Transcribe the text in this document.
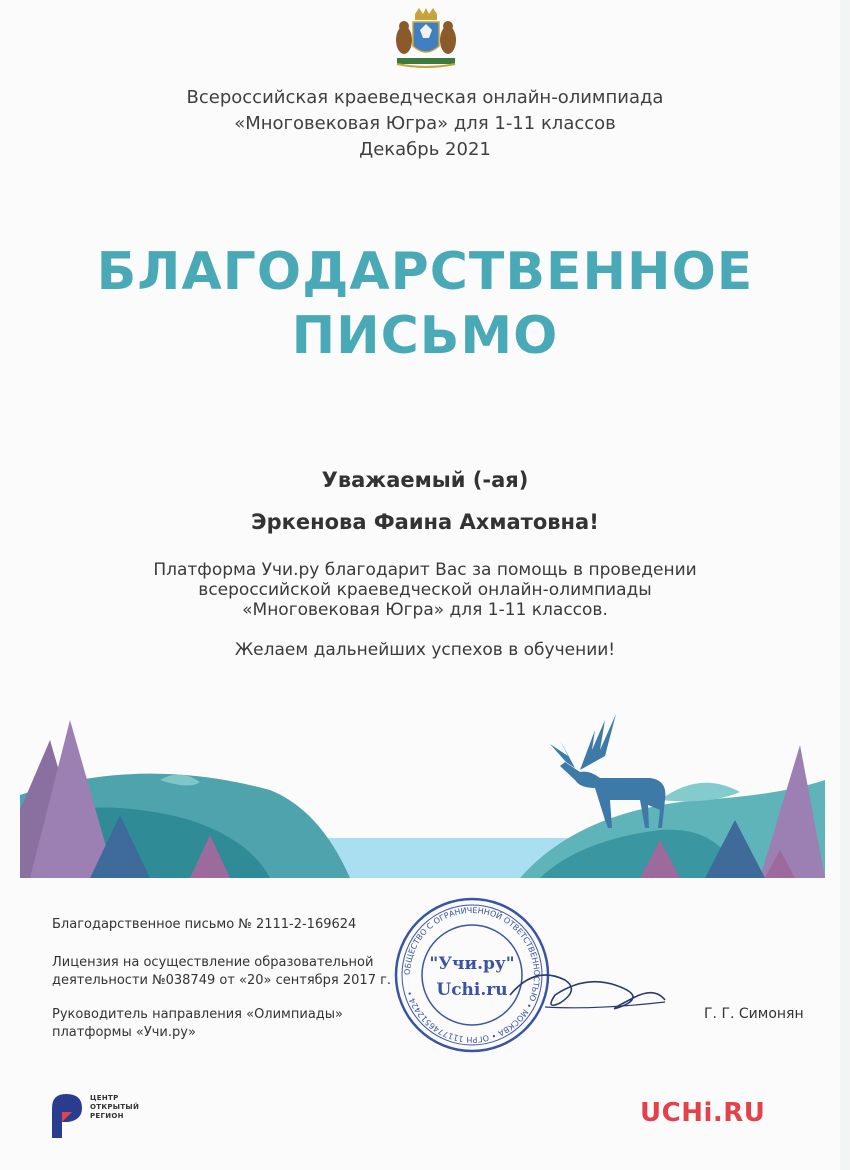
Всероссийская краеведческая онлайн-олимпиада
«Многовековая Югра» для 1-11 классов
Декабрь 2021
БЛАГОДАРСТВЕННОЕ
ПИСЬМО
Уважаемый (-ая)
Эркенова Фаина Ахматовна!
Платформа Учи.ру благодарит Вас за помощь в проведении
всероссийской краеведческой онлайн-олимпиады
«Многовековая Югра» для 1-11 классов.
Желаем дальнейших успехов в обучении!
Благодарственное письмо № 2111-2-169624
Лицензия на осуществление образовательной
деятельности №038749 от «20» сентября 2017 г.
Руководитель направления «Олимпиады»
платформы «Учи.ру»
Г. Г. Симонян
ОБЩЕСТВО С ОГРАНИЧЕННОЙ ОТВЕТСТВЕННОСТЬЮ • МОСКВА • ОГРН 1117746512424 •
"Учи.ру"
Uchi.ru
ЦЕНТР
ОТКРЫТЫЙ
РЕГИОН	UCHi.RU
